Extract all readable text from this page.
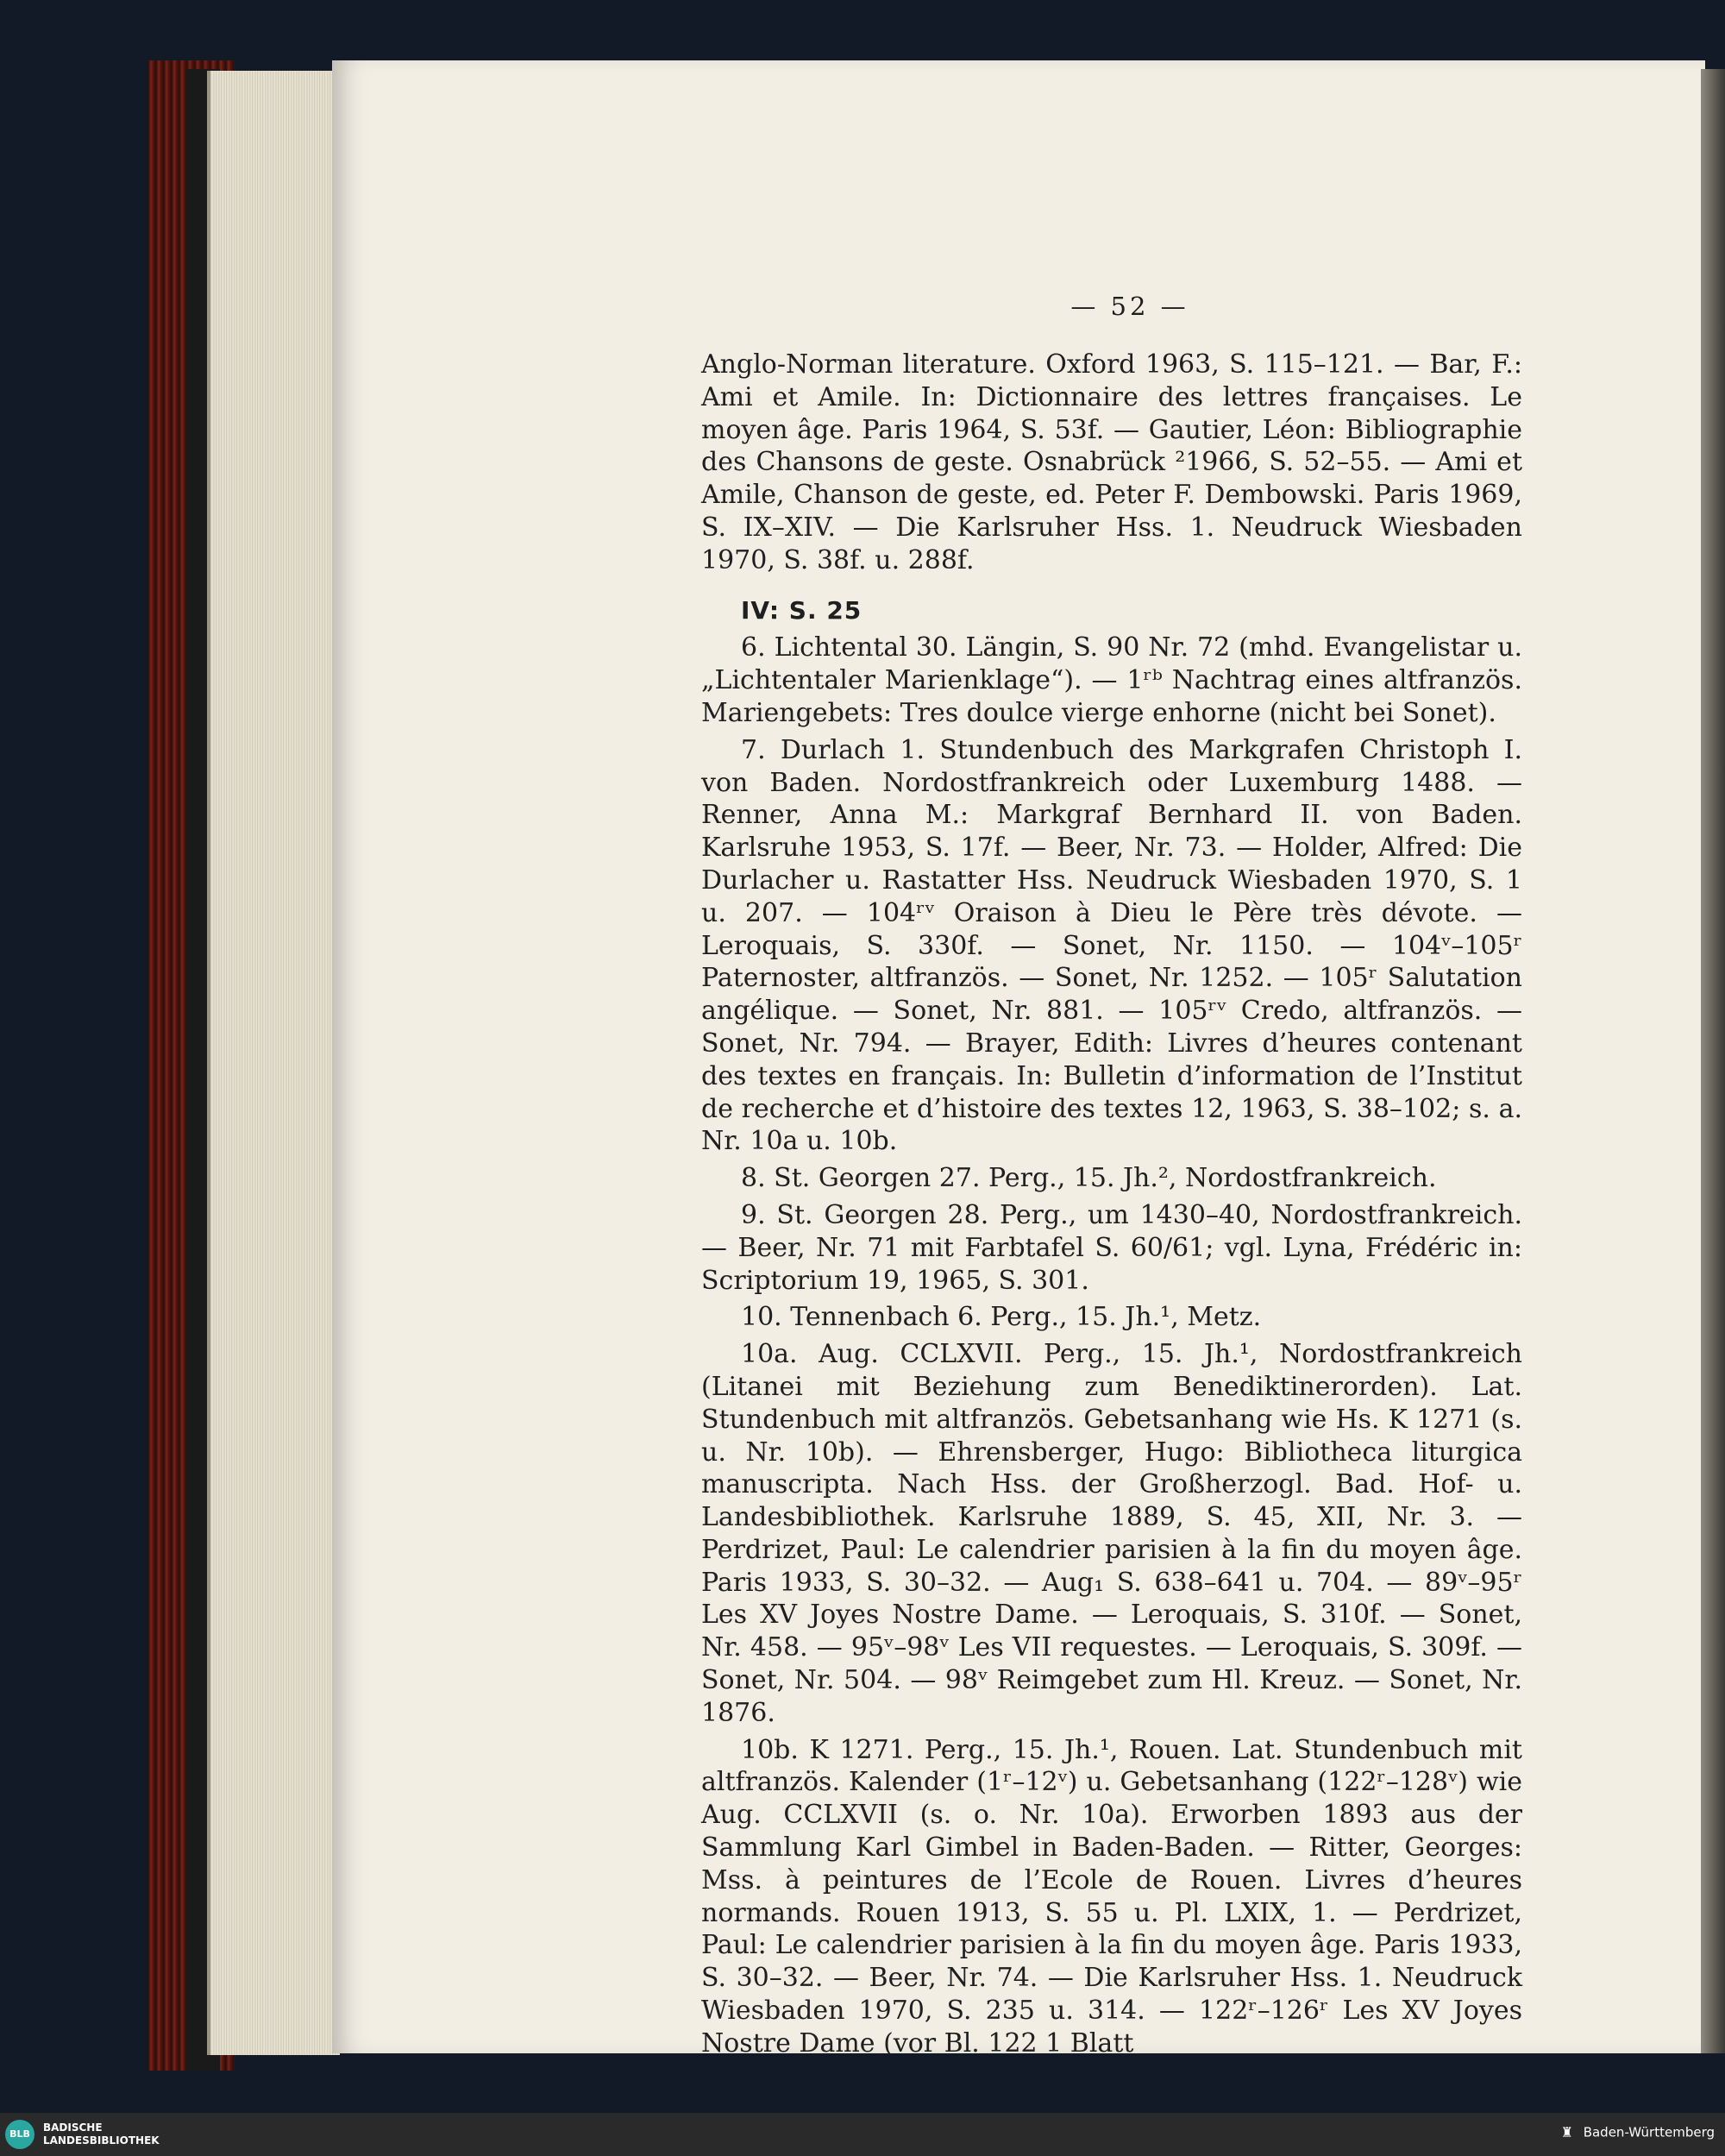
— 52 —

Anglo-Norman literature. Oxford 1963, S. 115–121. — Bar, F.: Ami et Amile. In: Dictionnaire des lettres françaises. Le moyen âge. Paris 1964, S. 53f. — Gautier, Léon: Bibliographie des Chansons de geste. Osnabrück ²1966, S. 52–55. — Ami et Amile, Chanson de geste, ed. Peter F. Dembowski. Paris 1969, S. IX–XIV. — Die Karlsruher Hss. 1. Neudruck Wiesbaden 1970, S. 38f. u. 288f.

IV: S. 25

6. Lichtental 30. Längin, S. 90 Nr. 72 (mhd. Evangelistar u. „Lichtentaler Marienklage“). — 1ʳᵇ Nachtrag eines altfranzös. Mariengebets: Tres doulce vierge enhorne (nicht bei Sonet).

7. Durlach 1. Stundenbuch des Markgrafen Christoph I. von Baden. Nordostfrankreich oder Luxemburg 1488. — Renner, Anna M.: Markgraf Bernhard II. von Baden. Karlsruhe 1953, S. 17f. — Beer, Nr. 73. — Holder, Alfred: Die Durlacher u. Rastatter Hss. Neudruck Wiesbaden 1970, S. 1 u. 207. — 104ʳᵛ Oraison à Dieu le Père très dévote. — Leroquais, S. 330f. — Sonet, Nr. 1150. — 104ᵛ–105ʳ Paternoster, altfranzös. — Sonet, Nr. 1252. — 105ʳ Salutation angélique. — Sonet, Nr. 881. — 105ʳᵛ Credo, altfranzös. — Sonet, Nr. 794. — Brayer, Edith: Livres d’heures contenant des textes en français. In: Bulletin d’information de l’Institut de recherche et d’histoire des textes 12, 1963, S. 38–102; s. a. Nr. 10a u. 10b.

8. St. Georgen 27. Perg., 15. Jh.², Nordostfrankreich.

9. St. Georgen 28. Perg., um 1430–40, Nordostfrankreich. — Beer, Nr. 71 mit Farbtafel S. 60/61; vgl. Lyna, Frédéric in: Scriptorium 19, 1965, S. 301.

10. Tennenbach 6. Perg., 15. Jh.¹, Metz.

10a. Aug. CCLXVII. Perg., 15. Jh.¹, Nordostfrankreich (Litanei mit Beziehung zum Benediktinerorden). Lat. Stundenbuch mit altfranzös. Gebetsanhang wie Hs. K 1271 (s. u. Nr. 10b). — Ehrensberger, Hugo: Bibliotheca liturgica manuscripta. Nach Hss. der Großherzogl. Bad. Hof- u. Landesbibliothek. Karlsruhe 1889, S. 45, XII, Nr. 3. — Perdrizet, Paul: Le calendrier parisien à la fin du moyen âge. Paris 1933, S. 30–32. — Aug₁ S. 638–641 u. 704. — 89ᵛ–95ʳ Les XV Joyes Nostre Dame. — Leroquais, S. 310f. — Sonet, Nr. 458. — 95ᵛ–98ᵛ Les VII requestes. — Leroquais, S. 309f. — Sonet, Nr. 504. — 98ᵛ Reimgebet zum Hl. Kreuz. — Sonet, Nr. 1876.

10b. K 1271. Perg., 15. Jh.¹, Rouen. Lat. Stundenbuch mit altfranzös. Kalender (1ʳ–12ᵛ) u. Gebetsanhang (122ʳ–128ᵛ) wie Aug. CCLXVII (s. o. Nr. 10a). Erworben 1893 aus der Sammlung Karl Gimbel in Baden-Baden. — Ritter, Georges: Mss. à peintures de l’Ecole de Rouen. Livres d’heures normands. Rouen 1913, S. 55 u. Pl. LXIX, 1. — Perdrizet, Paul: Le calendrier parisien à la fin du moyen âge. Paris 1933, S. 30–32. — Beer, Nr. 74. — Die Karlsruher Hss. 1. Neudruck Wiesbaden 1970, S. 235 u. 314. — 122ʳ–126ʳ Les XV Joyes Nostre Dame (vor Bl. 122 1 Blatt

BLB
BADISCHE
LANDESBIBLIOTHEK	♜ Baden-Württemberg
